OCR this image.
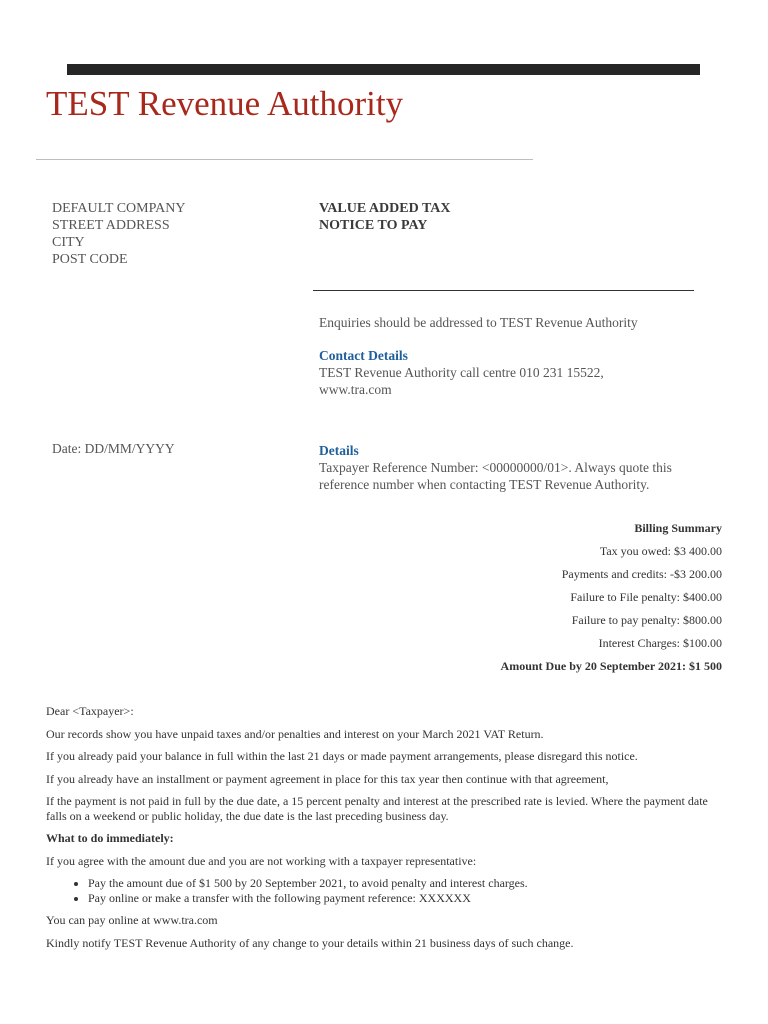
TEST Revenue Authority
DEFAULT COMPANY
STREET ADDRESS
CITY
POST CODE
VALUE ADDED TAX
NOTICE TO PAY
Enquiries should be addressed to TEST Revenue Authority
Contact Details
TEST Revenue Authority call centre 010 231 15522,
www.tra.com
Date: DD/MM/YYYY	Details
Taxpayer Reference Number: <00000000/01>. Always quote this reference number when contacting TEST Revenue Authority.
Billing Summary
Tax you owed: $3 400.00
Payments and credits: -$3 200.00
Failure to File penalty: $400.00
Failure to pay penalty: $800.00
Interest Charges: $100.00
Amount Due by 20 September 2021: $1 500

Dear <Taxpayer>:

Our records show you have unpaid taxes and/or penalties and interest on your March 2021 VAT Return.

If you already paid your balance in full within the last 21 days or made payment arrangements, please disregard this notice.

If you already have an installment or payment agreement in place for this tax year then continue with that agreement,

If the payment is not paid in full by the due date, a 15 percent penalty and interest at the prescribed rate is levied. Where the payment date falls on a weekend or public holiday, the due date is the last preceding business day.

What to do immediately:

If you agree with the amount due and you are not working with a taxpayer representative:

• Pay the amount due of $1 500 by 20 September 2021, to avoid penalty and interest charges.
• Pay online or make a transfer with the following payment reference: XXXXXX

You can pay online at www.tra.com

Kindly notify TEST Revenue Authority of any change to your details within 21 business days of such change.
